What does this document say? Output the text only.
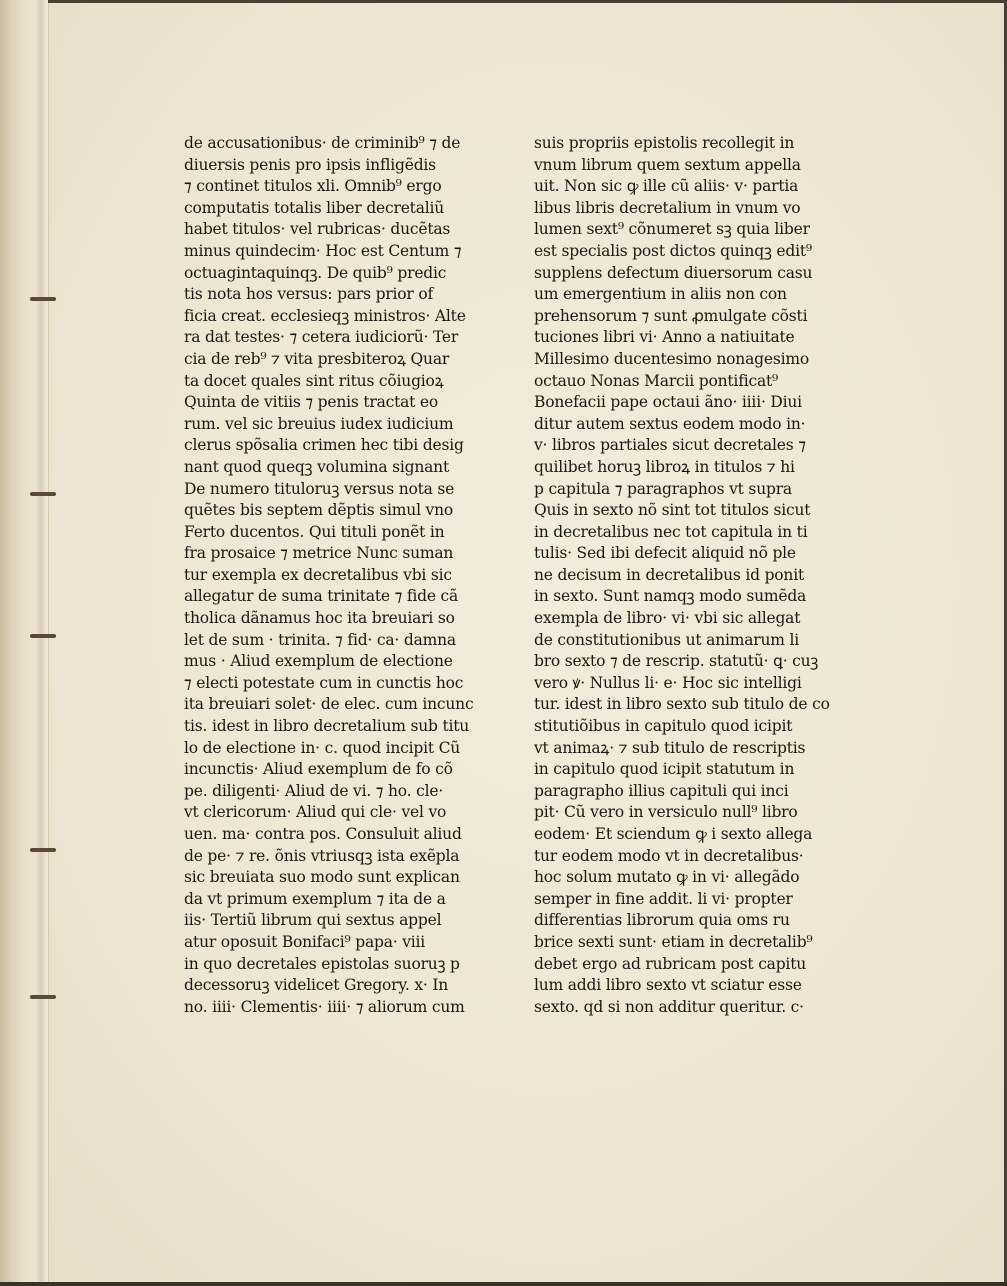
de accusationibus· de criminib⁹ ⁊ de
diuersis penis pro ipsis infligẽdis
⁊ continet titulos xli. Omnib⁹ ergo
computatis totalis liber decretaliũ
habet titulos· vel rubricas· ducẽtas
minus quindecim· Hoc est Centum ⁊
octuagintaquinqꝫ. De quib⁹ predic
tis nota hos versus: pars prior of
ficia creat. ecclesieqꝫ ministros· Alte
ra dat testes· ⁊ cetera iudiciorũ· Ter
cia de reb⁹ ⁊ vita presbiteroꝝ Quar
ta docet quales sint ritus cõiugioꝝ
Quinta de vitiis ⁊ penis tractat eo
rum. vel sic breuius iudex iudicium
clerus spõsalia crimen hec tibi desig
nant quod queqꝫ volumina signant
De numero tituloruꝫ versus nota se
quẽtes bis septem dẽptis simul vno
Ferto ducentos. Qui tituli ponẽt in
fra prosaice ⁊ metrice Nunc suman
tur exempla ex decretalibus vbi sic
allegatur de suma trinitate ⁊ fide cã
tholica dãnamus hoc ita breuiari so
let de sum · trinita. ⁊ fid· ca· damna
mus · Aliud exemplum de electione
⁊ electi potestate cum in cunctis hoc
ita breuiari solet· de elec. cum incunc
tis. idest in libro decretalium sub titu
lo de electione in· c. quod incipit Cũ
incunctis· Aliud exemplum de fo cõ
pe. diligenti· Aliud de vi. ⁊ ho. cle·
vt clericorum· Aliud qui cle· vel vo
uen. ma· contra pos. Consuluit aliud
de pe· ⁊ re. õnis vtriusqꝫ ista exẽpla
sic breuiata suo modo sunt explican
da vt primum exemplum ⁊ ita de a
iis· Tertiũ librum qui sextus appel
atur oposuit Bonifaci⁹ papa· viii
in quo decretales epistolas suoruꝫ p
decessoruꝫ videlicet Gregory. x· In
no. iiii· Clementis· iiii· ⁊ aliorum cum
suis propriis epistolis recollegit in
vnum librum quem sextum appella
uit. Non sic ꝙ ille cũ aliis· v· partia
libus libris decretalium in vnum vo
lumen sext⁹ cõnumeret sꝫ quia liber
est specialis post dictos quinqꝫ edit⁹
supplens defectum diuersorum casu
um emergentium in aliis non con
prehensorum ⁊ sunt ꝓmulgate cõsti
tuciones libri vi· Anno a natiuitate
Millesimo ducentesimo nonagesimo
octauo Nonas Marcii pontificat⁹
Bonefacii pape octaui ãno· iiii· Diui
ditur autem sextus eodem modo in·
v· libros partiales sicut decretales ⁊
quilibet horuꝫ libroꝝ in titulos ⁊ hi
p capitula ⁊ paragraphos vt supra
Quis in sexto nõ sint tot titulos sicut
in decretalibus nec tot capitula in ti
tulis· Sed ibi defecit aliquid nõ ple
ne decisum in decretalibus id ponit
in sexto. Sunt namqꝫ modo sumẽda
exempla de libro· vi· vbi sic allegat
de constitutionibus ut animarum li
bro sexto ⁊ de rescrip. statutũ· ꝗ· cuꝫ
vero ꝟ· Nullus li· e· Hoc sic intelligi
tur. idest in libro sexto sub titulo de co
stitutiõibus in capitulo quod icipit
vt animaꝝ· ⁊ sub titulo de rescriptis
in capitulo quod icipit statutum in
paragrapho illius capituli qui inci
pit· Cũ vero in versiculo null⁹ libro
eodem· Et sciendum ꝙ i sexto allega
tur eodem modo vt in decretalibus·
hoc solum mutato ꝙ in vi· allegãdo
semper in fine addit. li vi· propter
differentias librorum quia oms ru
brice sexti sunt· etiam in decretalib⁹
debet ergo ad rubricam post capitu
lum addi libro sexto vt sciatur esse
sexto. qd si non additur queritur. c·
